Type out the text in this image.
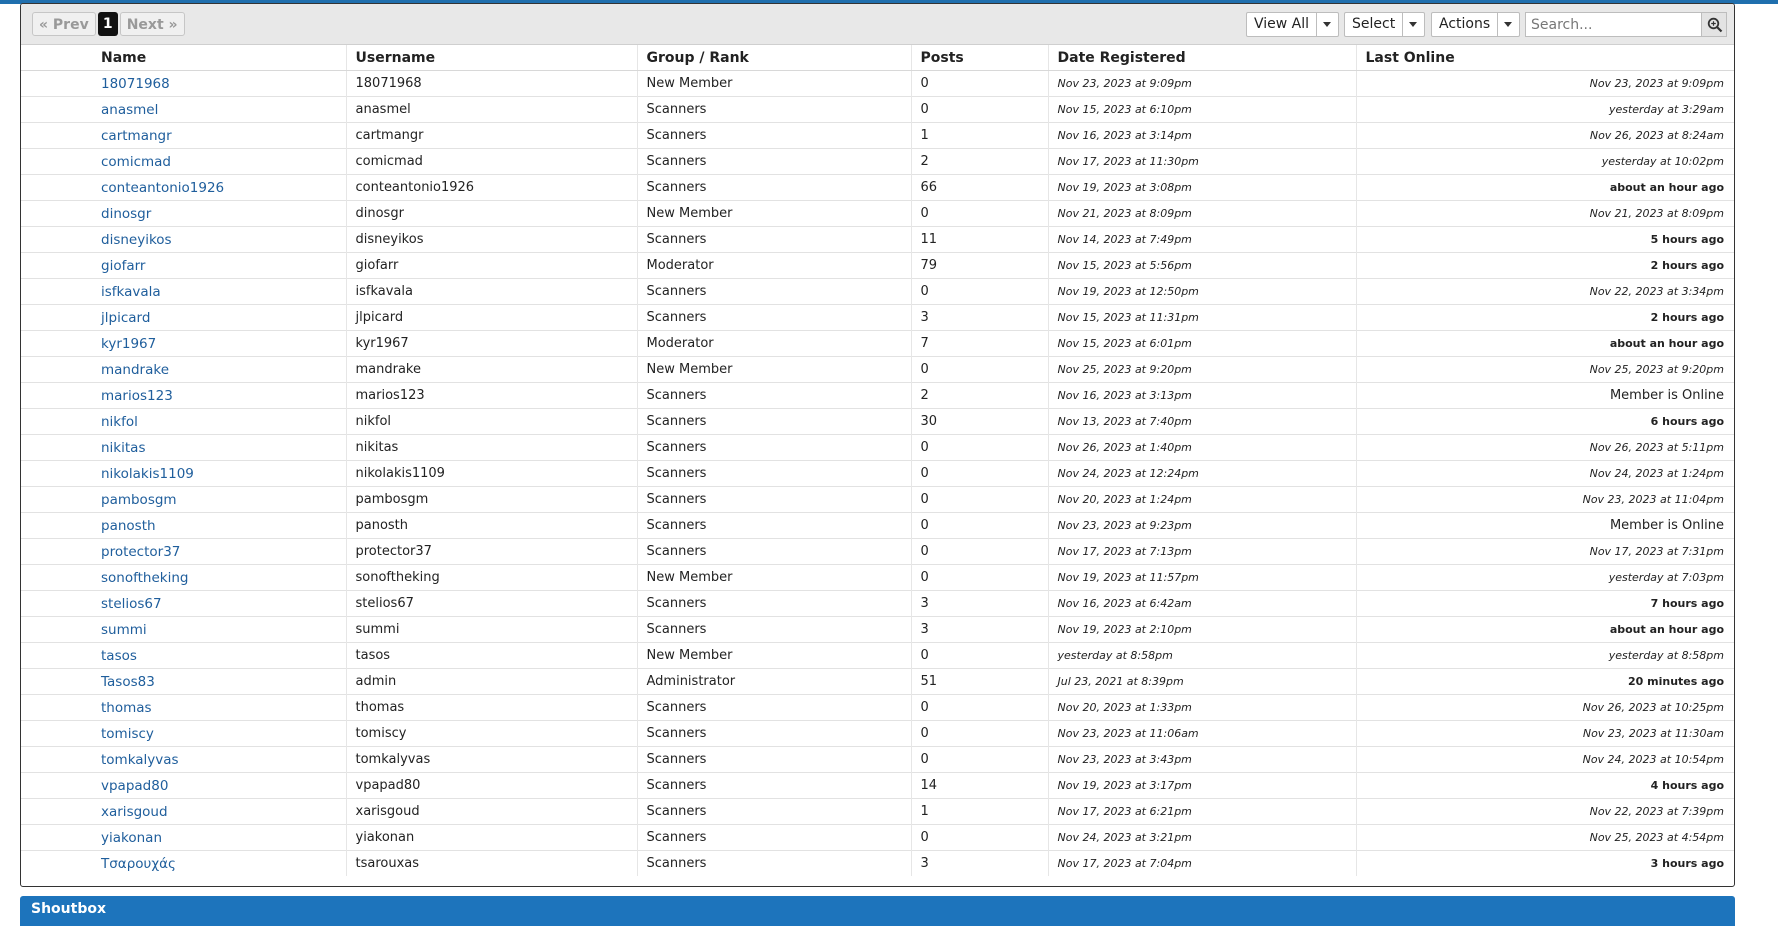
« Prev	1	Next »	View All	Select	Actions
Search...
Name	Username	Group / Rank	Posts	Date Registered	Last Online
18071968	18071968	New Member	0	Nov 23, 2023 at 9:09pm	Nov 23, 2023 at 9:09pm
anasmel	anasmel	Scanners	0	Nov 15, 2023 at 6:10pm	yesterday at 3:29am
cartmangr	cartmangr	Scanners	1	Nov 16, 2023 at 3:14pm	Nov 26, 2023 at 8:24am
comicmad	comicmad	Scanners	2	Nov 17, 2023 at 11:30pm	yesterday at 10:02pm
conteantonio1926	conteantonio1926	Scanners	66	Nov 19, 2023 at 3:08pm	about an hour ago
dinosgr	dinosgr	New Member	0	Nov 21, 2023 at 8:09pm	Nov 21, 2023 at 8:09pm
disneyikos	disneyikos	Scanners	11	Nov 14, 2023 at 7:49pm	5 hours ago
giofarr	giofarr	Moderator	79	Nov 15, 2023 at 5:56pm	2 hours ago
isfkavala	isfkavala	Scanners	0	Nov 19, 2023 at 12:50pm	Nov 22, 2023 at 3:34pm
jlpicard	jlpicard	Scanners	3	Nov 15, 2023 at 11:31pm	2 hours ago
kyr1967	kyr1967	Moderator	7	Nov 15, 2023 at 6:01pm	about an hour ago
mandrake	mandrake	New Member	0	Nov 25, 2023 at 9:20pm	Nov 25, 2023 at 9:20pm
marios123	marios123	Scanners	2	Nov 16, 2023 at 3:13pm	Member is Online
nikfol	nikfol	Scanners	30	Nov 13, 2023 at 7:40pm	6 hours ago
nikitas	nikitas	Scanners	0	Nov 26, 2023 at 1:40pm	Nov 26, 2023 at 5:11pm
nikolakis1109	nikolakis1109	Scanners	0	Nov 24, 2023 at 12:24pm	Nov 24, 2023 at 1:24pm
pambosgm	pambosgm	Scanners	0	Nov 20, 2023 at 1:24pm	Nov 23, 2023 at 11:04pm
panosth	panosth	Scanners	0	Nov 23, 2023 at 9:23pm	Member is Online
protector37	protector37	Scanners	0	Nov 17, 2023 at 7:13pm	Nov 17, 2023 at 7:31pm
sonoftheking	sonoftheking	New Member	0	Nov 19, 2023 at 11:57pm	yesterday at 7:03pm
stelios67	stelios67	Scanners	3	Nov 16, 2023 at 6:42am	7 hours ago
summi	summi	Scanners	3	Nov 19, 2023 at 2:10pm	about an hour ago
tasos	tasos	New Member	0	yesterday at 8:58pm	yesterday at 8:58pm
Tasos83	admin	Administrator	51	Jul 23, 2021 at 8:39pm	20 minutes ago
thomas	thomas	Scanners	0	Nov 20, 2023 at 1:33pm	Nov 26, 2023 at 10:25pm
tomiscy	tomiscy	Scanners	0	Nov 23, 2023 at 11:06am	Nov 23, 2023 at 11:30am
tomkalyvas	tomkalyvas	Scanners	0	Nov 23, 2023 at 3:43pm	Nov 24, 2023 at 10:54pm
vpapad80	vpapad80	Scanners	14	Nov 19, 2023 at 3:17pm	4 hours ago
xarisgoud	xarisgoud	Scanners	1	Nov 17, 2023 at 6:21pm	Nov 22, 2023 at 7:39pm
yiakonan	yiakonan	Scanners	0	Nov 24, 2023 at 3:21pm	Nov 25, 2023 at 4:54pm
Τσαρουχάς	tsarouxas	Scanners	3	Nov 17, 2023 at 7:04pm	3 hours ago
Shoutbox
